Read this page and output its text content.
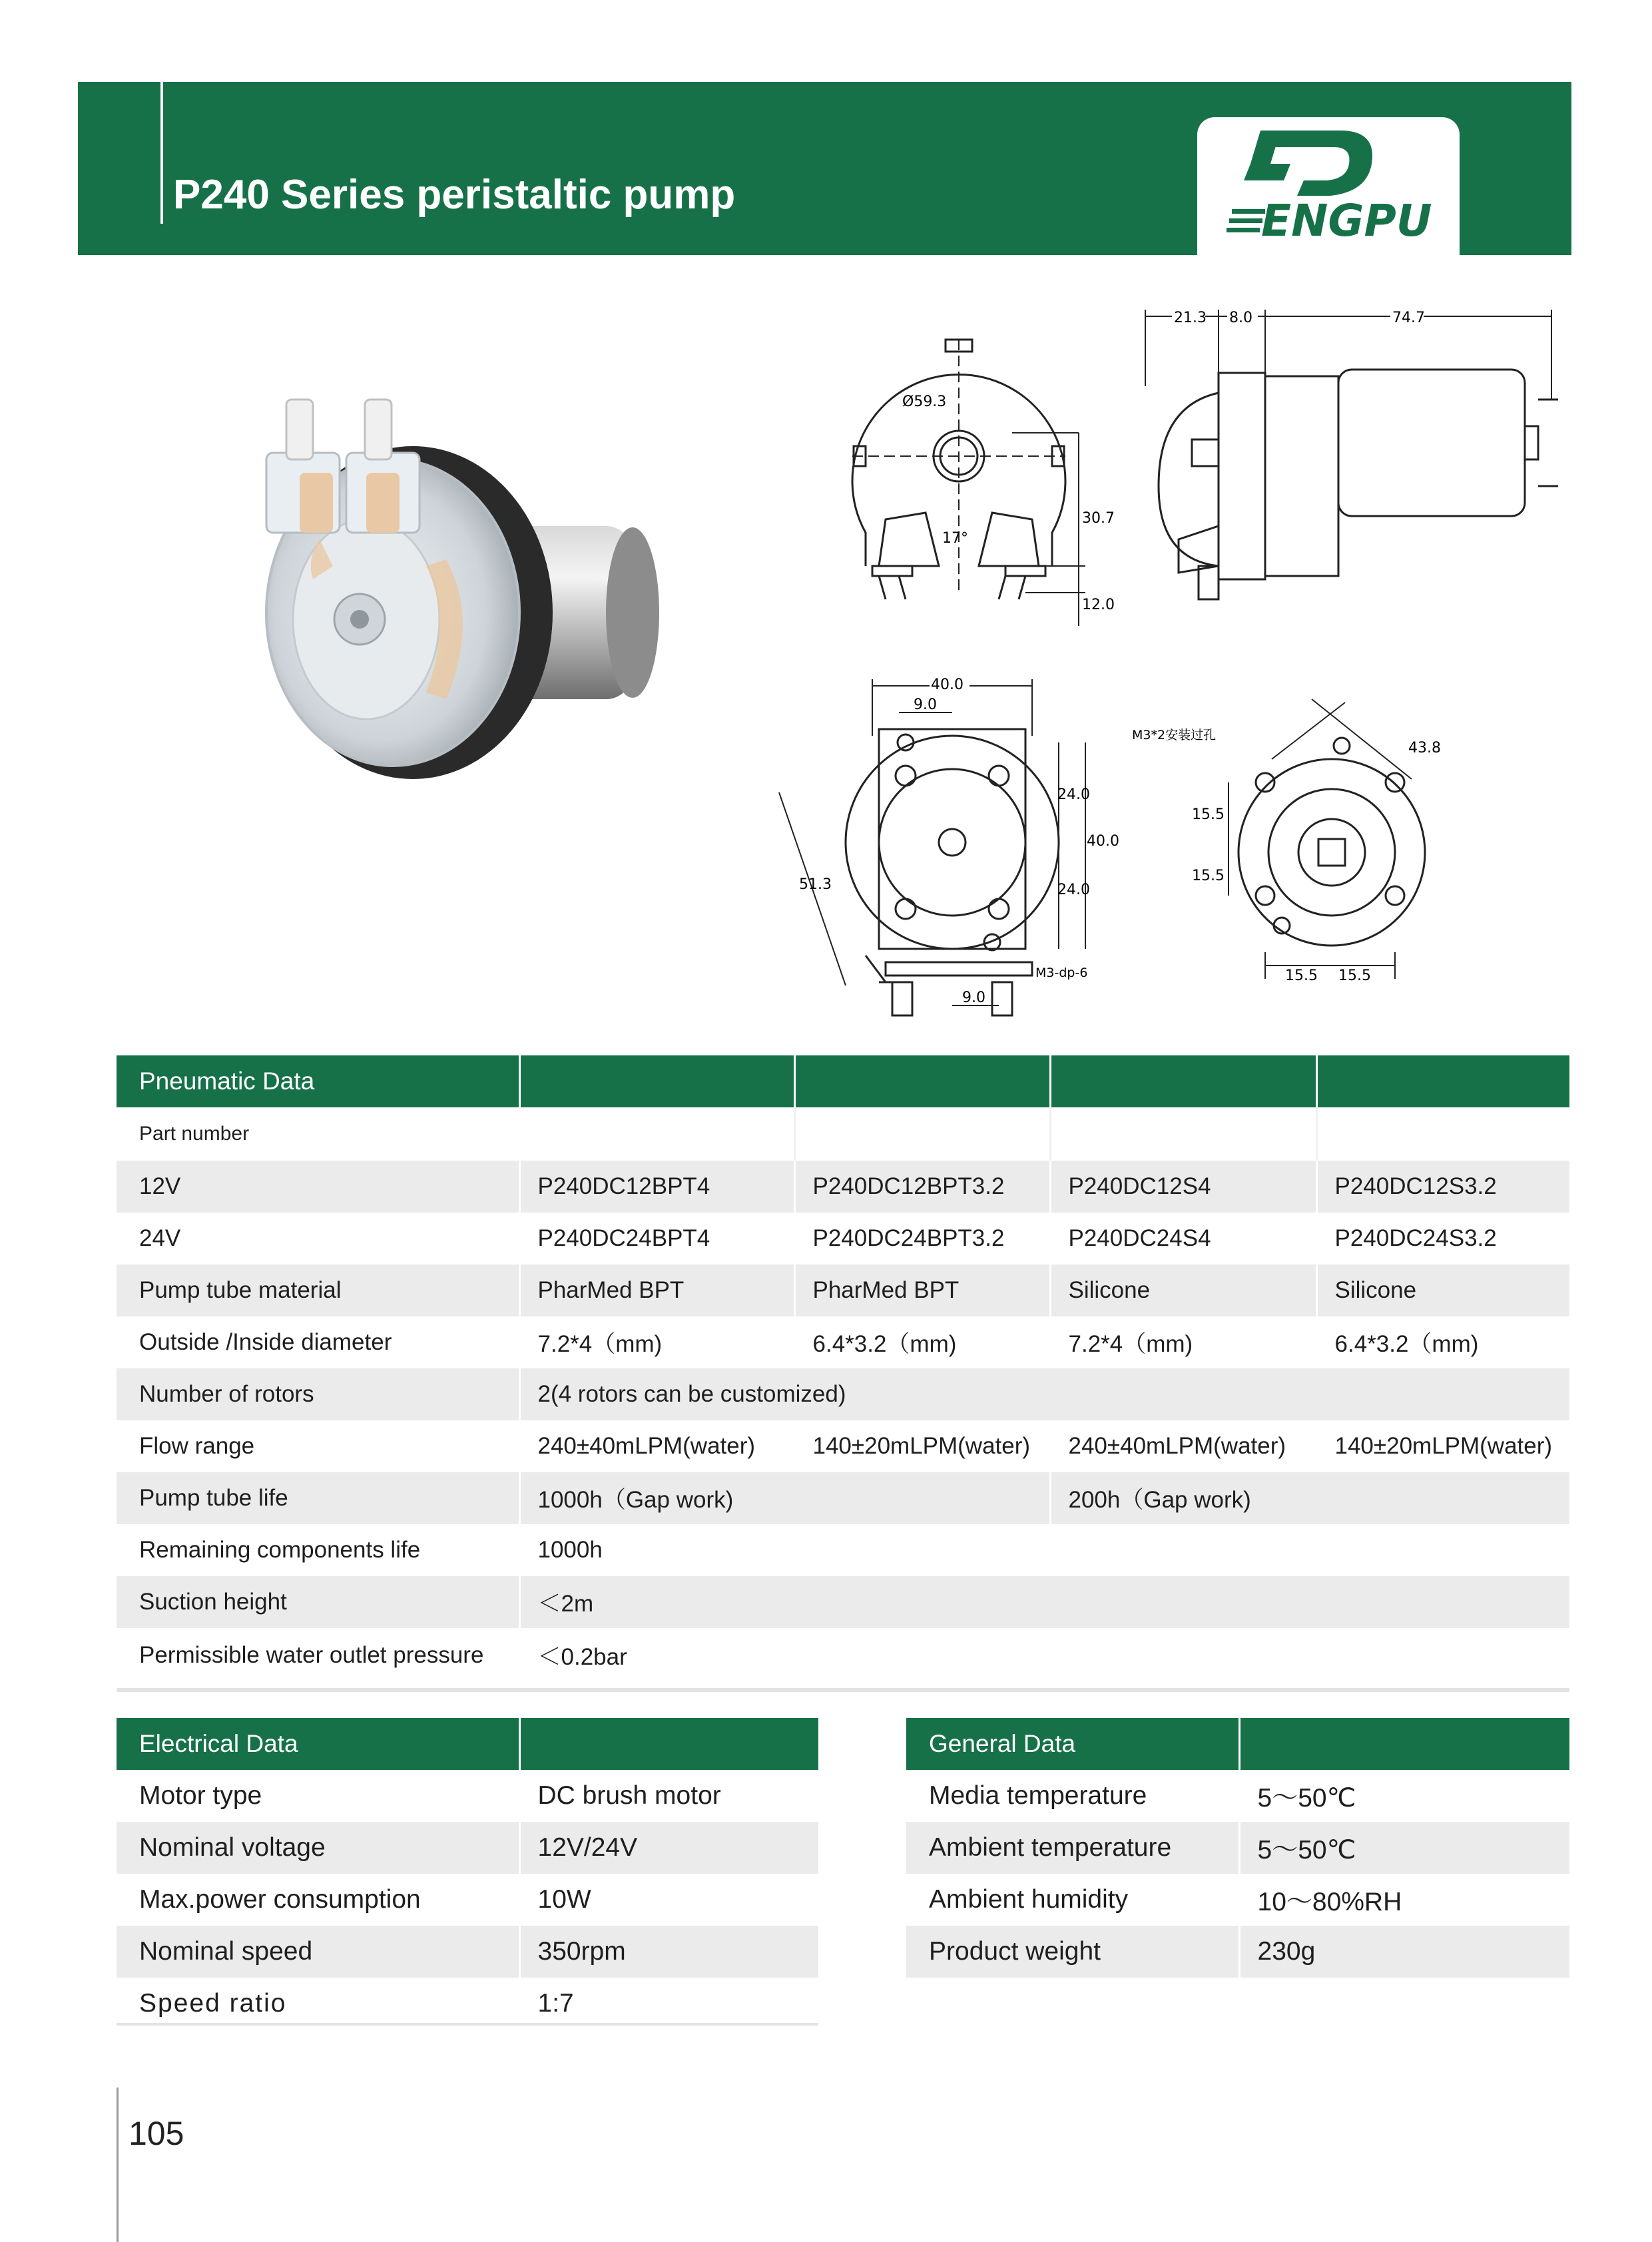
P240 Series peristaltic pump
ENGPU
Ø59.3
17°
30.7
12.0
21.3 8.0	74.7
40.0
9.0
24.0
40.0
24.0
51.3
9.0
M3-dp-6
M3*2安装过孔
43.8
15.5
15.5
15.5 15.5
Pneumatic Data				
Part number				
12V	P240DC12BPT4	P240DC12BPT3.2	P240DC12S4	P240DC12S3.2
24V	P240DC24BPT4	P240DC24BPT3.2	P240DC24S4	P240DC24S3.2
Pump tube material	PharMed BPT	PharMed BPT	Silicone	Silicone
Outside /Inside diameter	7.2*4（mm)	6.4*3.2（mm)	7.2*4（mm)	6.4*3.2（mm)
Number of rotors	2(4 rotors can be customized)			
Flow range	240±40mLPM(water)	140±20mLPM(water)	240±40mLPM(water)	140±20mLPM(water)
Pump tube life	1000h（Gap work)		200h（Gap work)	
Remaining components life	1000h			
Suction height	＜2m			
Permissible water outlet pressure	＜0.2bar			
Electrical Data	
Motor type	DC brush motor
Nominal voltage	12V/24V
Max.power consumption	10W
Nominal speed	350rpm
Speed ratio	1:7
General Data	
Media temperature	5～50℃
Ambient temperature	5～50℃
Ambient humidity	10～80%RH
Product weight	230g
105
